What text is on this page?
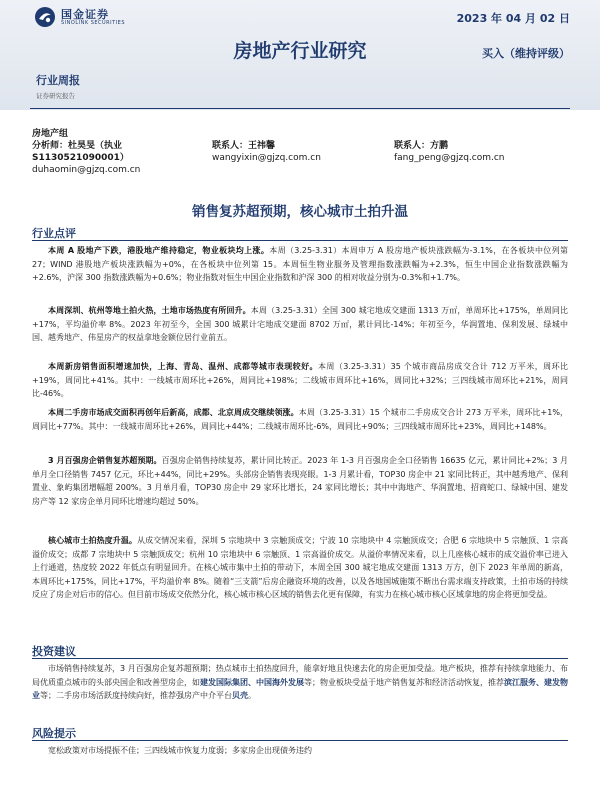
国金证券
SINOLINK SECURITIES	2023 年 04 月 02 日
房地产行业研究	买入（维持评级）
行业周报
证券研究报告
房地产组
分析师：杜昊旻（执业
S1130521090001）
duhaomin@gjzq.com.cn
联系人：王祎馨
wangyixin@gjzq.com.cn
联系人：方鹏
fang_peng@gjzq.com.cn
销售复苏超预期，核心城市土拍升温
行业点评
本周 A 股地产下跌，港股地产维持稳定，物业板块均上涨。本周（3.25-3.31）本周申万 A 股房地产板块涨跌幅为-3.1%，在各板块中位列第 27；WIND 港股地产板块涨跌幅为+0%，在各板块中位列第 15。本周恒生物业服务及管理指数涨跌幅为+2.3%，恒生中国企业指数涨跌幅为+2.6%，沪深 300 指数涨跌幅为+0.6%；物业指数对恒生中国企业指数和沪深 300 的相对收益分别为-0.3%和+1.7%。
本周深圳、杭州等地土拍火热，土地市场热度有所回升。本周（3.25-3.31）全国 300 城宅地成交建面 1313 万㎡，单周环比+175%，单周同比+17%，平均溢价率 8%。2023 年初至今，全国 300 城累计宅地成交建面 8702 万㎡，累计同比-14%；年初至今，华润置地、保利发展、绿城中国、越秀地产、伟星房产的权益拿地金额位居行业前五。
本周新房销售面积增速加快，上海、青岛、温州、成都等城市表现较好。本周（3.25-3.31）35 个城市商品房成交合计 712 万平米，周环比+19%，周同比+41%。其中：一线城市周环比+26%，周同比+198%；二线城市周环比+16%，周同比+32%；三四线城市周环比+21%，周同比-46%。
本周二手房市场成交面积再创年后新高，成都、北京周成交继续领涨。本周（3.25-3.31）15 个城市二手房成交合计 273 万平米，周环比+1%，周同比+77%。其中：一线城市周环比+26%，周同比+44%；二线城市周环比-6%，周同比+90%；三四线城市周环比+23%，周同比+148%。
3 月百强房企销售复苏超预期。百强房企销售持续复苏，累计同比转正。2023 年 1-3 月百强房企全口径销售 16635 亿元，累计同比+2%；3 月单月全口径销售 7457 亿元，环比+44%，同比+29%。头部房企销售表现亮眼。1-3 月累计看，TOP30 房企中 21 家同比转正，其中越秀地产、保利置业、象屿集团增幅超 200%。3 月单月看，TOP30 房企中 29 家环比增长，24 家同比增长；其中中海地产、华润置地、招商蛇口、绿城中国、建发房产等 12 家房企单月同环比增速均超过 50%。
核心城市土拍热度升温。从成交情况来看，深圳 5 宗地块中 3 宗触顶成交；宁波 10 宗地块中 4 宗触顶成交；合肥 6 宗地块中 5 宗触顶、1 宗高溢价成交；成都 7 宗地块中 5 宗触顶成交；杭州 10 宗地块中 6 宗触顶、1 宗高溢价成交。从溢价率情况来看，以上几座核心城市的成交溢价率已进入上行通道，热度较 2022 年低点有明显回升。在核心城市集中土拍的带动下，本周全国 300 城宅地成交建面 1313 万方，创下 2023 年单周的新高，本周环比+175%，同比+17%，平均溢价率 8%。随着“三支箭”后房企融资环境的改善，以及各地国城施策不断出台需求端支持政策，土拍市场的持续反应了房企对后市的信心。但目前市场成交依然分化，核心城市核心区域的销售去化更有保障，有实力在核心城市核心区域拿地的房企将更加受益。
投资建议
市场销售持续复苏，3 月百强房企复苏超预期；热点城市土拍热度回升，能拿好地且快速去化的房企更加受益。地产板块，推荐有持续拿地能力、布局优质重点城市的头部央国企和改善型房企，如建发国际集团、中国海外发展等；物业板块受益于地产销售复苏和经济活动恢复，推荐滨江服务、建发物业等；二手房市场活跃度持续向好，推荐强房产中介平台贝壳。
风险提示
宽松政策对市场提振不佳；三四线城市恢复力度弱；多家房企出现债务违约
